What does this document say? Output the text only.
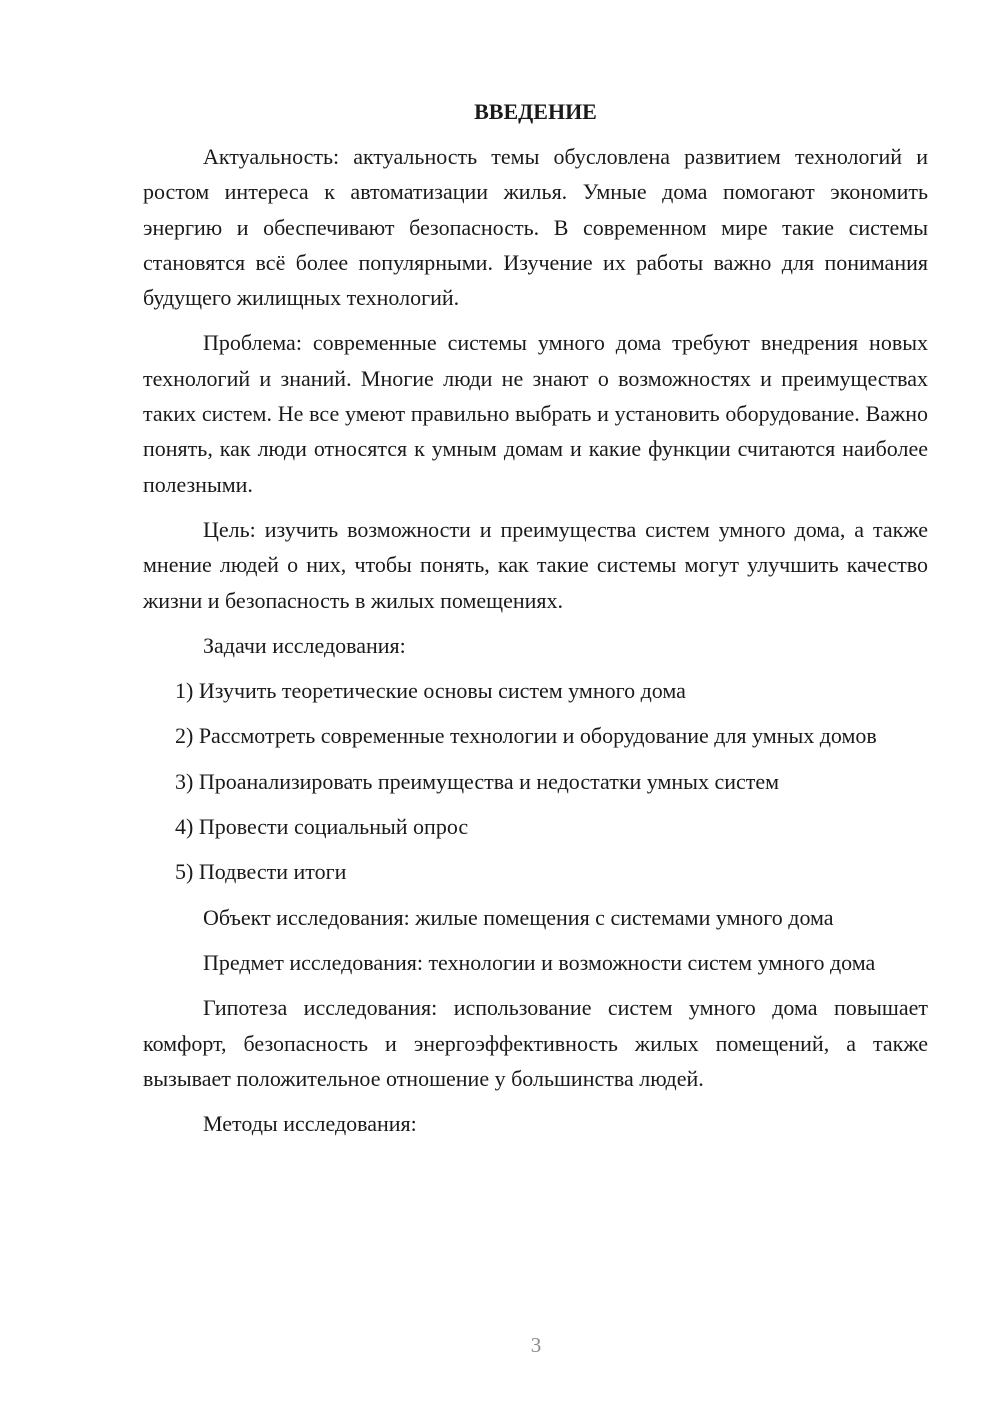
ВВЕДЕНИЕ

Актуальность: актуальность темы обусловлена развитием технологий и ростом интереса к автоматизации жилья. Умные дома помогают экономить энергию и обеспечивают безопасность. В современном мире такие системы становятся всё более популярными. Изучение их работы важно для понимания будущего жилищных технологий.

Проблема: современные системы умного дома требуют внедрения новых технологий и знаний. Многие люди не знают о возможностях и преимуществах таких систем. Не все умеют правильно выбрать и установить оборудование. Важно понять, как люди относятся к умным домам и какие функции считаются наиболее полезными.

Цель: изучить возможности и преимущества систем умного дома, а также мнение людей о них, чтобы понять, как такие системы могут улучшить качество жизни и безопасность в жилых помещениях.

Задачи исследования:

1) Изучить теоретические основы систем умного дома

2) Рассмотреть современные технологии и оборудование для умных домов

3) Проанализировать преимущества и недостатки умных систем

4) Провести социальный опрос

5) Подвести итоги

Объект исследования: жилые помещения с системами умного дома

Предмет исследования: технологии и возможности систем умного дома

Гипотеза исследования: использование систем умного дома повышает комфорт, безопасность и энергоэффективность жилых помещений, а также вызывает положительное отношение у большинства людей.

Методы исследования:

3
